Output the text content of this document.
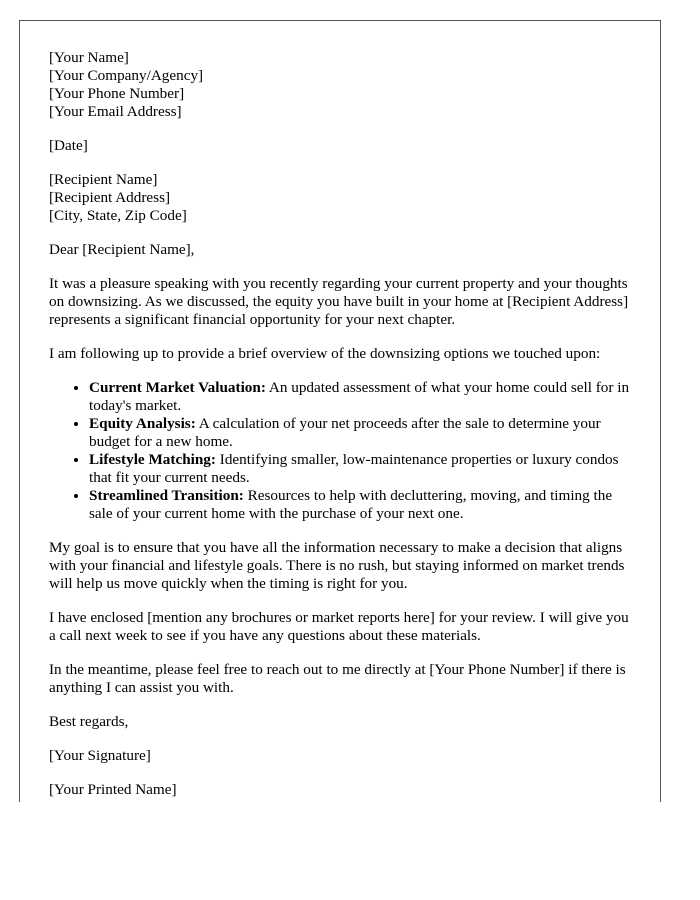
[Your Name]
[Your Company/Agency]
[Your Phone Number]
[Your Email Address]

[Date]

[Recipient Name]
[Recipient Address]
[City, State, Zip Code]

Dear [Recipient Name],

It was a pleasure speaking with you recently regarding your current property and your thoughts on downsizing. As we discussed, the equity you have built in your home at [Recipient Address] represents a significant financial opportunity for your next chapter.

I am following up to provide a brief overview of the downsizing options we touched upon:

• Current Market Valuation: An updated assessment of what your home could sell for in today's market.
• Equity Analysis: A calculation of your net proceeds after the sale to determine your budget for a new home.
• Lifestyle Matching: Identifying smaller, low-maintenance properties or luxury condos that fit your current needs.
• Streamlined Transition: Resources to help with decluttering, moving, and timing the sale of your current home with the purchase of your next one.

My goal is to ensure that you have all the information necessary to make a decision that aligns with your financial and lifestyle goals. There is no rush, but staying informed on market trends will help us move quickly when the timing is right for you.

I have enclosed [mention any brochures or market reports here] for your review. I will give you a call next week to see if you have any questions about these materials.

In the meantime, please feel free to reach out to me directly at [Your Phone Number] if there is anything I can assist you with.

Best regards,

[Your Signature]

[Your Printed Name]
